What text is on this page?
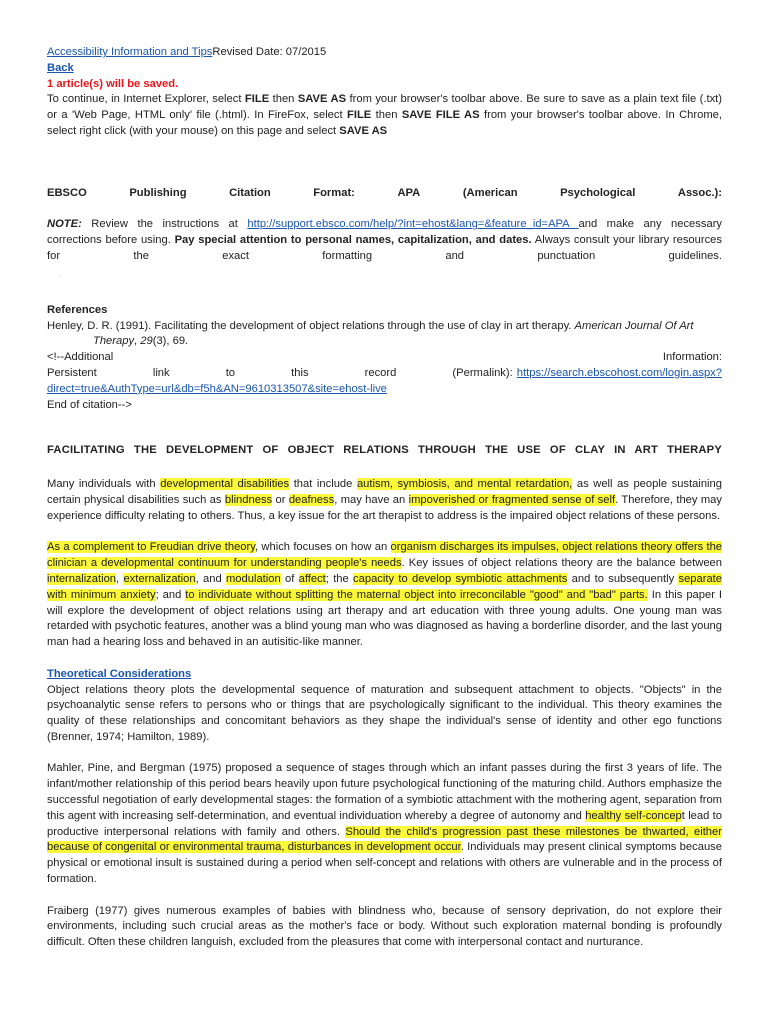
Accessibility Information and TipsRevised Date: 07/2015
Back
1 article(s) will be saved.

To continue, in Internet Explorer, select FILE then SAVE AS from your browser's toolbar above. Be sure to save as a plain text file (.txt) or a 'Web Page, HTML only' file (.html). In FireFox, select FILE then SAVE FILE AS from your browser's toolbar above. In Chrome, select right click (with your mouse) on this page and select SAVE AS

EBSCO	Publishing	Citation	Format:	APA	(American	Psychological	Assoc.):

NOTE: Review the instructions at http://support.ebsco.com/help/?int=ehost&lang=&feature_id=APA and make any necessary corrections before using. Pay special attention to personal names, capitalization, and dates. Always consult your library resources for the exact formatting and punctuation guidelines.

.
References

Henley, D. R. (1991). Facilitating the development of object relations through the use of clay in art therapy. American Journal Of Art Therapy, 29(3), 69.

<!--Additional	Information:
Persistent	link	to	this	record	(Permalink): https://search.ebscohost.com/login.aspx?
direct=true&AuthType=url&db=f5h&AN=9610313507&site=ehost-live
End of citation-->
FACILITATING THE DEVELOPMENT OF OBJECT RELATIONS THROUGH THE USE OF CLAY IN ART THERAPY

Many individuals with developmental disabilities that include autism, symbiosis, and mental retardation, as well as people sustaining certain physical disabilities such as blindness or deafness, may have an impoverished or fragmented sense of self. Therefore, they may experience difficulty relating to others. Thus, a key issue for the art therapist to address is the impaired object relations of these persons.

As a complement to Freudian drive theory, which focuses on how an organism discharges its impulses, object relations theory offers the clinician a developmental continuum for understanding people's needs. Key issues of object relations theory are the balance between internalization, externalization, and modulation of affect; the capacity to develop symbiotic attachments and to subsequently separate with minimum anxiety; and to individuate without splitting the maternal object into irreconcilable "good" and "bad" parts. In this paper I will explore the development of object relations using art therapy and art education with three young adults. One young man was retarded with psychotic features, another was a blind young man who was diagnosed as having a borderline disorder, and the last young man had a hearing loss and behaved in an autisitic-like manner.

Theoretical Considerations

Object relations theory plots the developmental sequence of maturation and subsequent attachment to objects. "Objects" in the psychoanalytic sense refers to persons who or things that are psychologically significant to the individual. This theory examines the quality of these relationships and concomitant behaviors as they shape the individual's sense of identity and other ego functions (Brenner, 1974; Hamilton, 1989).

Mahler, Pine, and Bergman (1975) proposed a sequence of stages through which an infant passes during the first 3 years of life. The infant/mother relationship of this period bears heavily upon future psychological functioning of the maturing child. Authors emphasize the successful negotiation of early developmental stages: the formation of a symbiotic attachment with the mothering agent, separation from this agent with increasing self-determination, and eventual individuation whereby a degree of autonomy and healthy self-concept lead to productive interpersonal relations with family and others. Should the child's progression past these milestones be thwarted, either because of congenital or environmental trauma, disturbances in development occur. Individuals may present clinical symptoms because physical or emotional insult is sustained during a period when self-concept and relations with others are vulnerable and in the process of formation.

Fraiberg (1977) gives numerous examples of babies with blindness who, because of sensory deprivation, do not explore their environments, including such crucial areas as the mother's face or body. Without such exploration maternal bonding is profoundly difficult. Often these children languish, excluded from the pleasures that come with interpersonal contact and nurturance.
